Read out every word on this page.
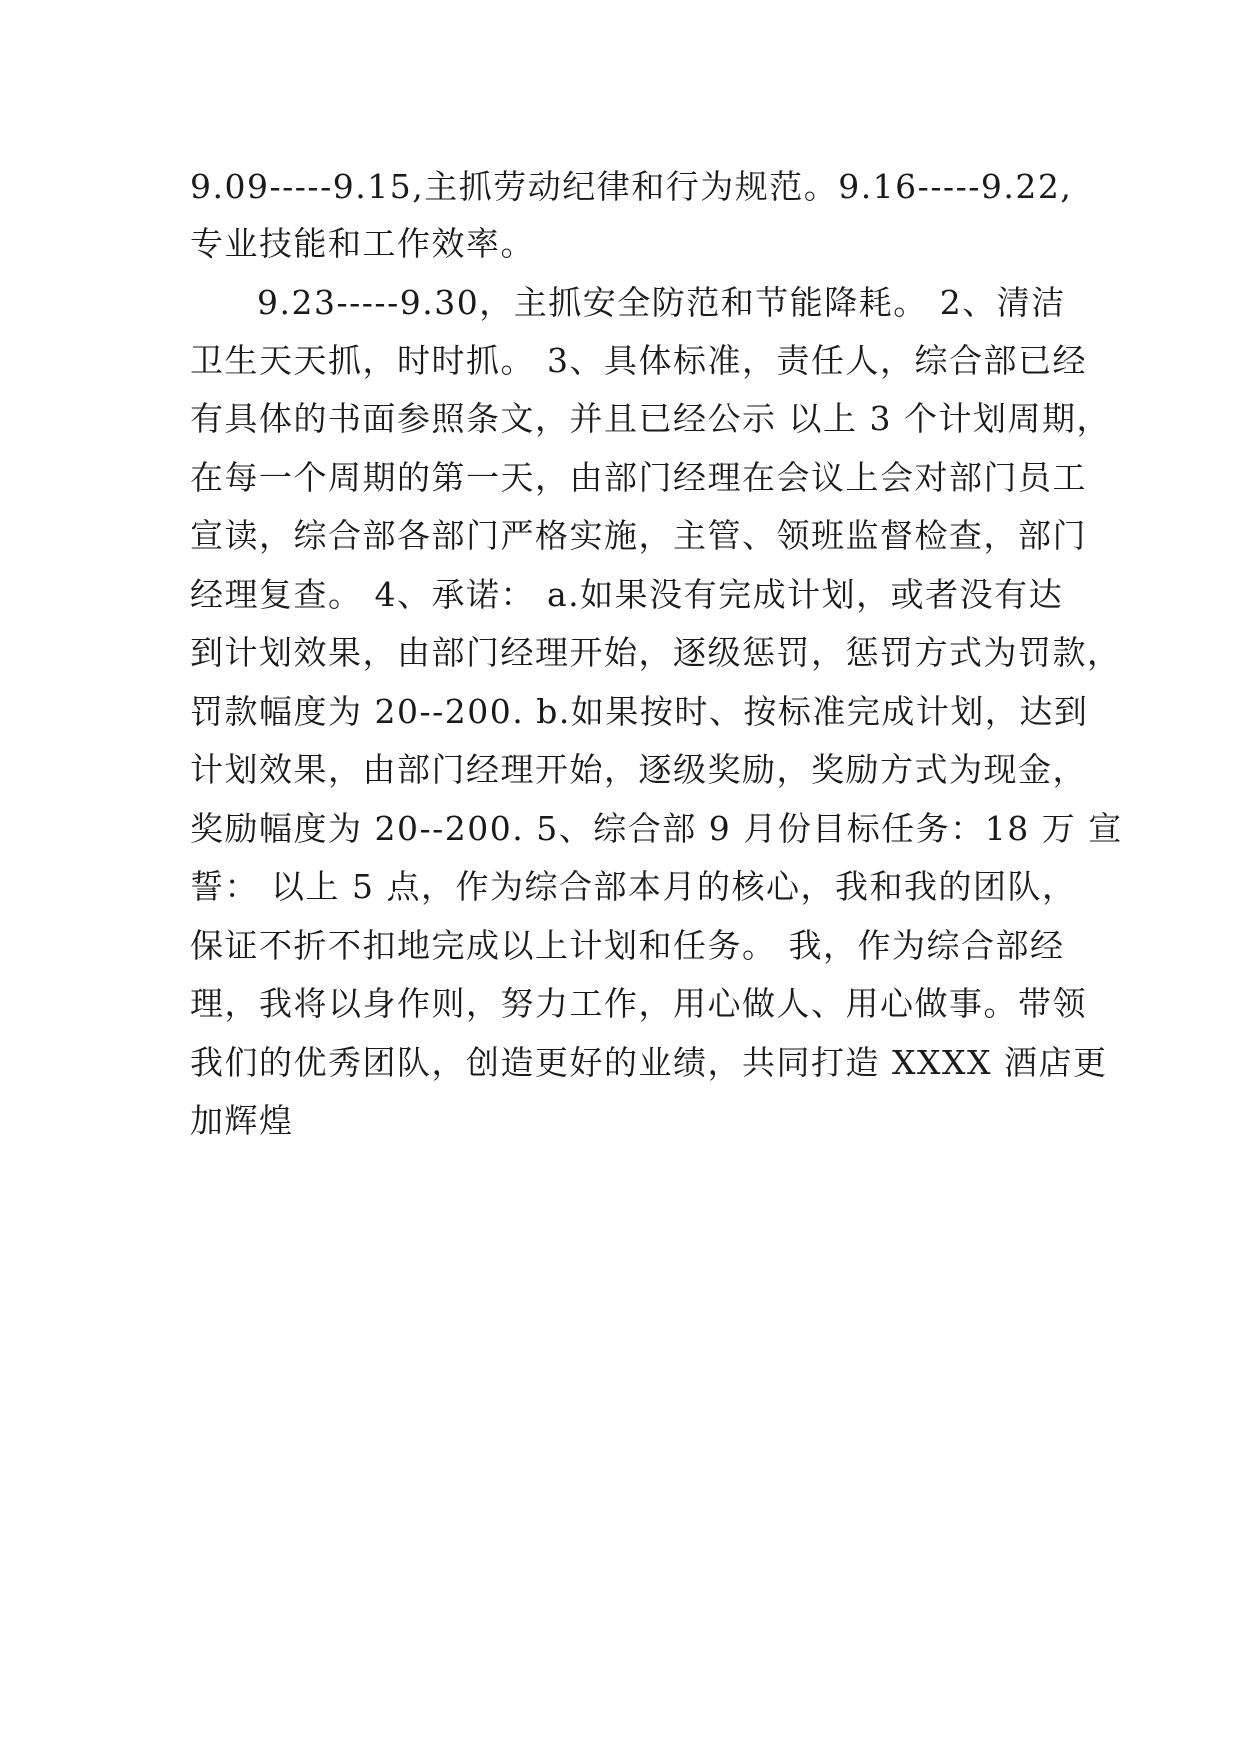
9.09-----9.15,主抓劳动纪律和行为规范。9.16-----9.22,
专业技能和工作效率。
9.23-----9.30，主抓安全防范和节能降耗。 2、清洁
卫生天天抓，时时抓。 3、具体标准，责任人，综合部已经
有具体的书面参照条文，并且已经公示 以上 3 个计划周期，
在每一个周期的第一天，由部门经理在会议上会对部门员工
宣读，综合部各部门严格实施，主管、领班监督检查，部门
经理复查。 4、承诺： a.如果没有完成计划，或者没有达
到计划效果，由部门经理开始，逐级惩罚，惩罚方式为罚款，
罚款幅度为 20--200. b.如果按时、按标准完成计划，达到
计划效果，由部门经理开始，逐级奖励，奖励方式为现金，
奖励幅度为 20--200. 5、综合部 9 月份目标任务：18 万 宣
誓： 以上 5 点，作为综合部本月的核心，我和我的团队，
保证不折不扣地完成以上计划和任务。 我，作为综合部经
理，我将以身作则，努力工作，用心做人、用心做事。带领
我们的优秀团队，创造更好的业绩，共同打造 XXXX 酒店更
加辉煌
